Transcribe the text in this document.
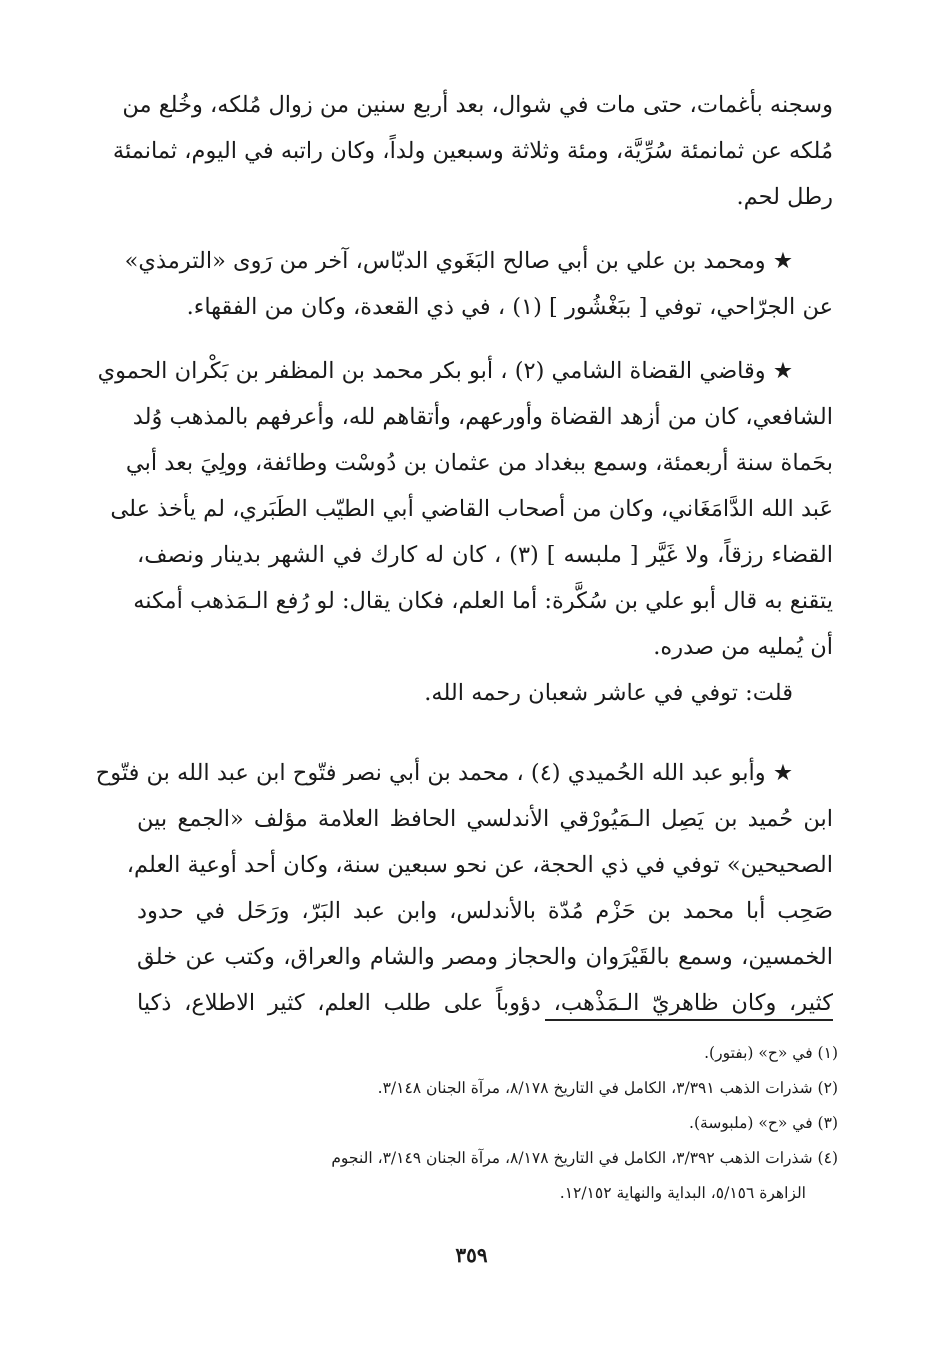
وسجنه بأغمات، حتى مات في شوال، بعد أربع سنين من زوال مُلكه، وخُلع من
مُلكه عن ثمانمئة سُرِّيَّة، ومئة وثلاثة وسبعين ولداً، وكان راتبه في اليوم، ثمانمئة
رطل لحم.

★ ومحمد بن علي بن أبي صالح البَغَوي الدبّاس، آخر من رَوى «الترمذي»
عن الجرّاحي، توفي [ ببَغْشُور ] (١) ، في ذي القعدة، وكان من الفقهاء.

★ وقاضي القضاة الشامي (٢) ، أبو بكر محمد بن المظفر بن بَكْران الحموي
الشافعي، كان من أزهد القضاة وأورعهم، وأتقاهم لله، وأعرفهم بالمذهب وُلد
بحَماة سنة أربعمئة، وسمع ببغداد من عثمان بن دُوسْت وطائفة، وولِيَ بعد أبي
عَبد الله الدَّامَغَاني، وكان من أصحاب القاضي أبي الطيّب الطَبَري، لم يأخذ على
القضاء رزقاً، ولا غَيَّر [ ملبسه ] (٣) ، كان له كارك في الشهر بدينار ونصف،
يتقنع به قال أبو علي بن سُكَّرة: أما العلم، فكان يقال: لو رُفع الـمَذهب أمكنه
أن يُمليه من صدره.
قلت: توفي في عاشر شعبان رحمه الله.

★ وأبو عبد الله الحُميدي (٤) ، محمد بن أبي نصر فتّوح ابن عبد الله بن فتّوح
ابن حُميد بن يَصِل الـمَيُورْقي الأندلسي الحافظ العلامة مؤلف «الجمع بين
الصحيحين» توفي في ذي الحجة، عن نحو سبعين سنة، وكان أحد أوعية العلم،
صَحِب أبا محمد بن حَزْم مُدّة بالأندلس، وابن عبد البَرّ، ورَحَل في حدود
الخمسين، وسمع بالقَيْرَوان والحجاز ومصر والشام والعراق، وكتب عن خلق
كثير، وكان ظاهريّ الـمَذْهب، دؤوباً على طلب العلم، كثير الاطلاع، ذكيا

(١) في «ح» (بفتور).
(٢) شذرات الذهب ٣/٣٩١، الكامل في التاريخ ٨/١٧٨، مرآة الجنان ٣/١٤٨.
(٣) في «ح» (ملبوسة).
(٤) شذرات الذهب ٣/٣٩٢، الكامل في التاريخ ٨/١٧٨، مرآة الجنان ٣/١٤٩، النجوم
الزاهرة ٥/١٥٦، البداية والنهاية ١٢/١٥٢.
٣٥٩
